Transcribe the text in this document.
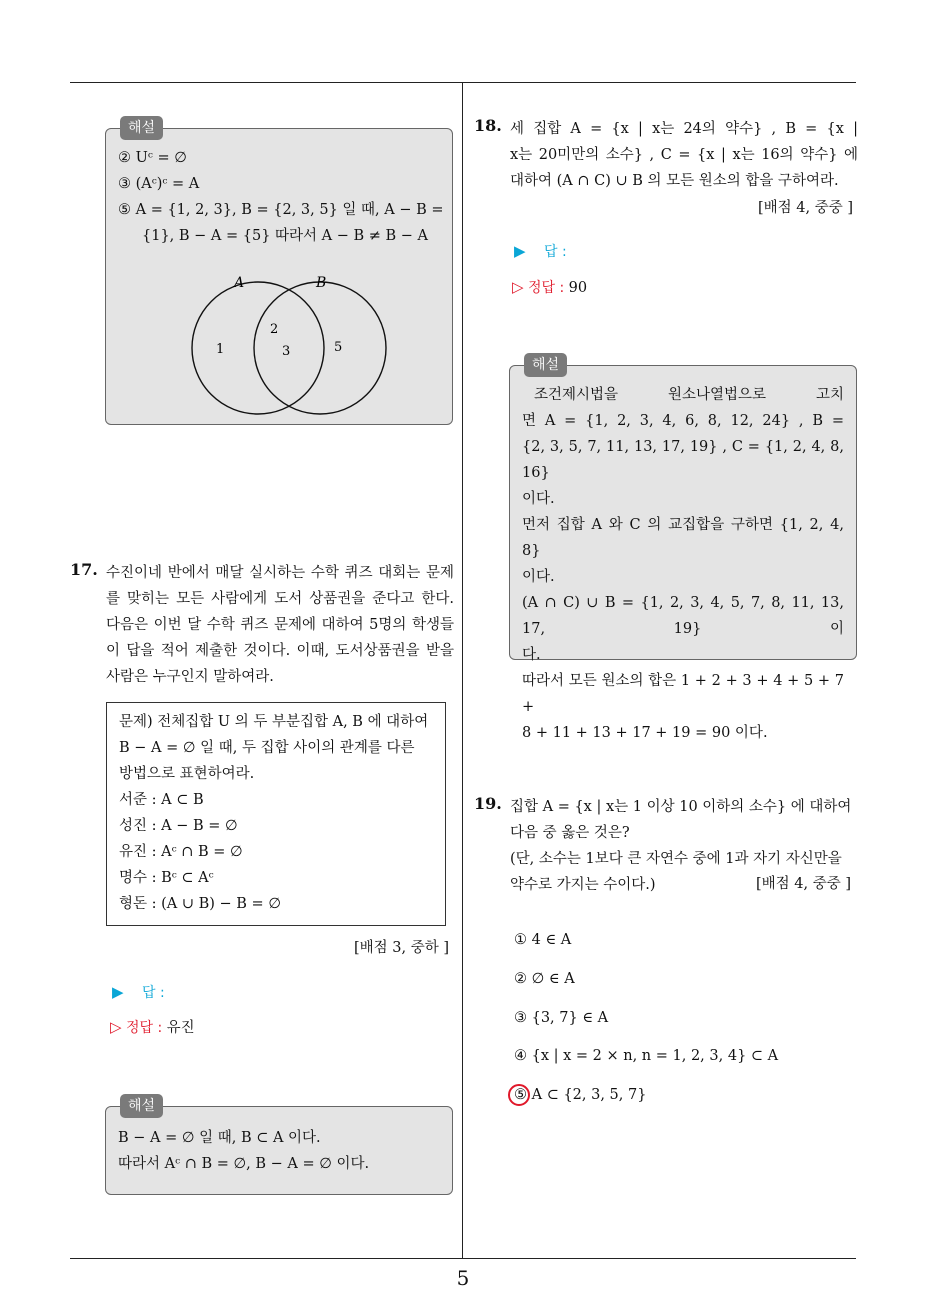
5
해설
② Uᶜ = ∅
③ (Aᶜ)ᶜ = A
⑤ A = {1, 2, 3}, B = {2, 3, 5} 일 때, A − B =
{1}, B − A = {5} 따라서 A − B ≠ B − A
A	B
1
2
3	5
17. 수진이네 반에서 매달 실시하는 수학 퀴즈 대회는 문제
를 맞히는 모든 사람에게 도서 상품권을 준다고 한다.
다음은 이번 달 수학 퀴즈 문제에 대하여 5명의 학생들
이 답을 적어 제출한 것이다. 이때, 도서상품권을 받을
사람은 누구인지 말하여라.
문제) 전체집합 U 의 두 부분집합 A, B 에 대하여
B − A = ∅ 일 때, 두 집합 사이의 관계를 다른
방법으로 표현하여라.
서준 : A ⊂ B
성진 : A − B = ∅
유진 : Aᶜ ∩ B = ∅
명수 : Bᶜ ⊂ Aᶜ
형돈 : (A ∪ B) − B = ∅
[배점 3, 중하 ]
▶ 답 :
▷ 정답 : 유진
해설
B − A = ∅ 일 때, B ⊂ A 이다.
따라서 Aᶜ ∩ B = ∅, B − A = ∅ 이다.
18. 세 집합 A = {x | x는 24의 약수} , B = {x |
x는 20미만의 소수} , C = {x | x는 16의 약수} 에
대하여 (A ∩ C) ∪ B 의 모든 원소의 합을 구하여라.
[배점 4, 중중 ]
▶ 답 :
▷ 정답 : 90
해설
조건제시법을 원소나열법으로 고치
면 A = {1, 2, 3, 4, 6, 8, 12, 24} , B =
{2, 3, 5, 7, 11, 13, 17, 19} , C = {1, 2, 4, 8, 16}
이다.
먼저 집합 A 와 C 의 교집합을 구하면 {1, 2, 4, 8}
이다.
(A ∩ C) ∪ B = {1, 2, 3, 4, 5, 7, 8, 11, 13, 17, 19} 이
다.
따라서 모든 원소의 합은 1 + 2 + 3 + 4 + 5 + 7 +
8 + 11 + 13 + 17 + 19 = 90 이다.
19. 집합 A = {x | x는 1 이상 10 이하의 소수} 에 대하여
다음 중 옳은 것은?
(단, 소수는 1보다 큰 자연수 중에 1과 자기 자신만을
약수로 가지는 수이다.)	[배점 4, 중중 ]
① 4 ∈ A
② ∅ ∈ A
③ {3, 7} ∈ A
④ {x | x = 2 × n, n = 1, 2, 3, 4} ⊂ A
⑤ A ⊂ {2, 3, 5, 7}
